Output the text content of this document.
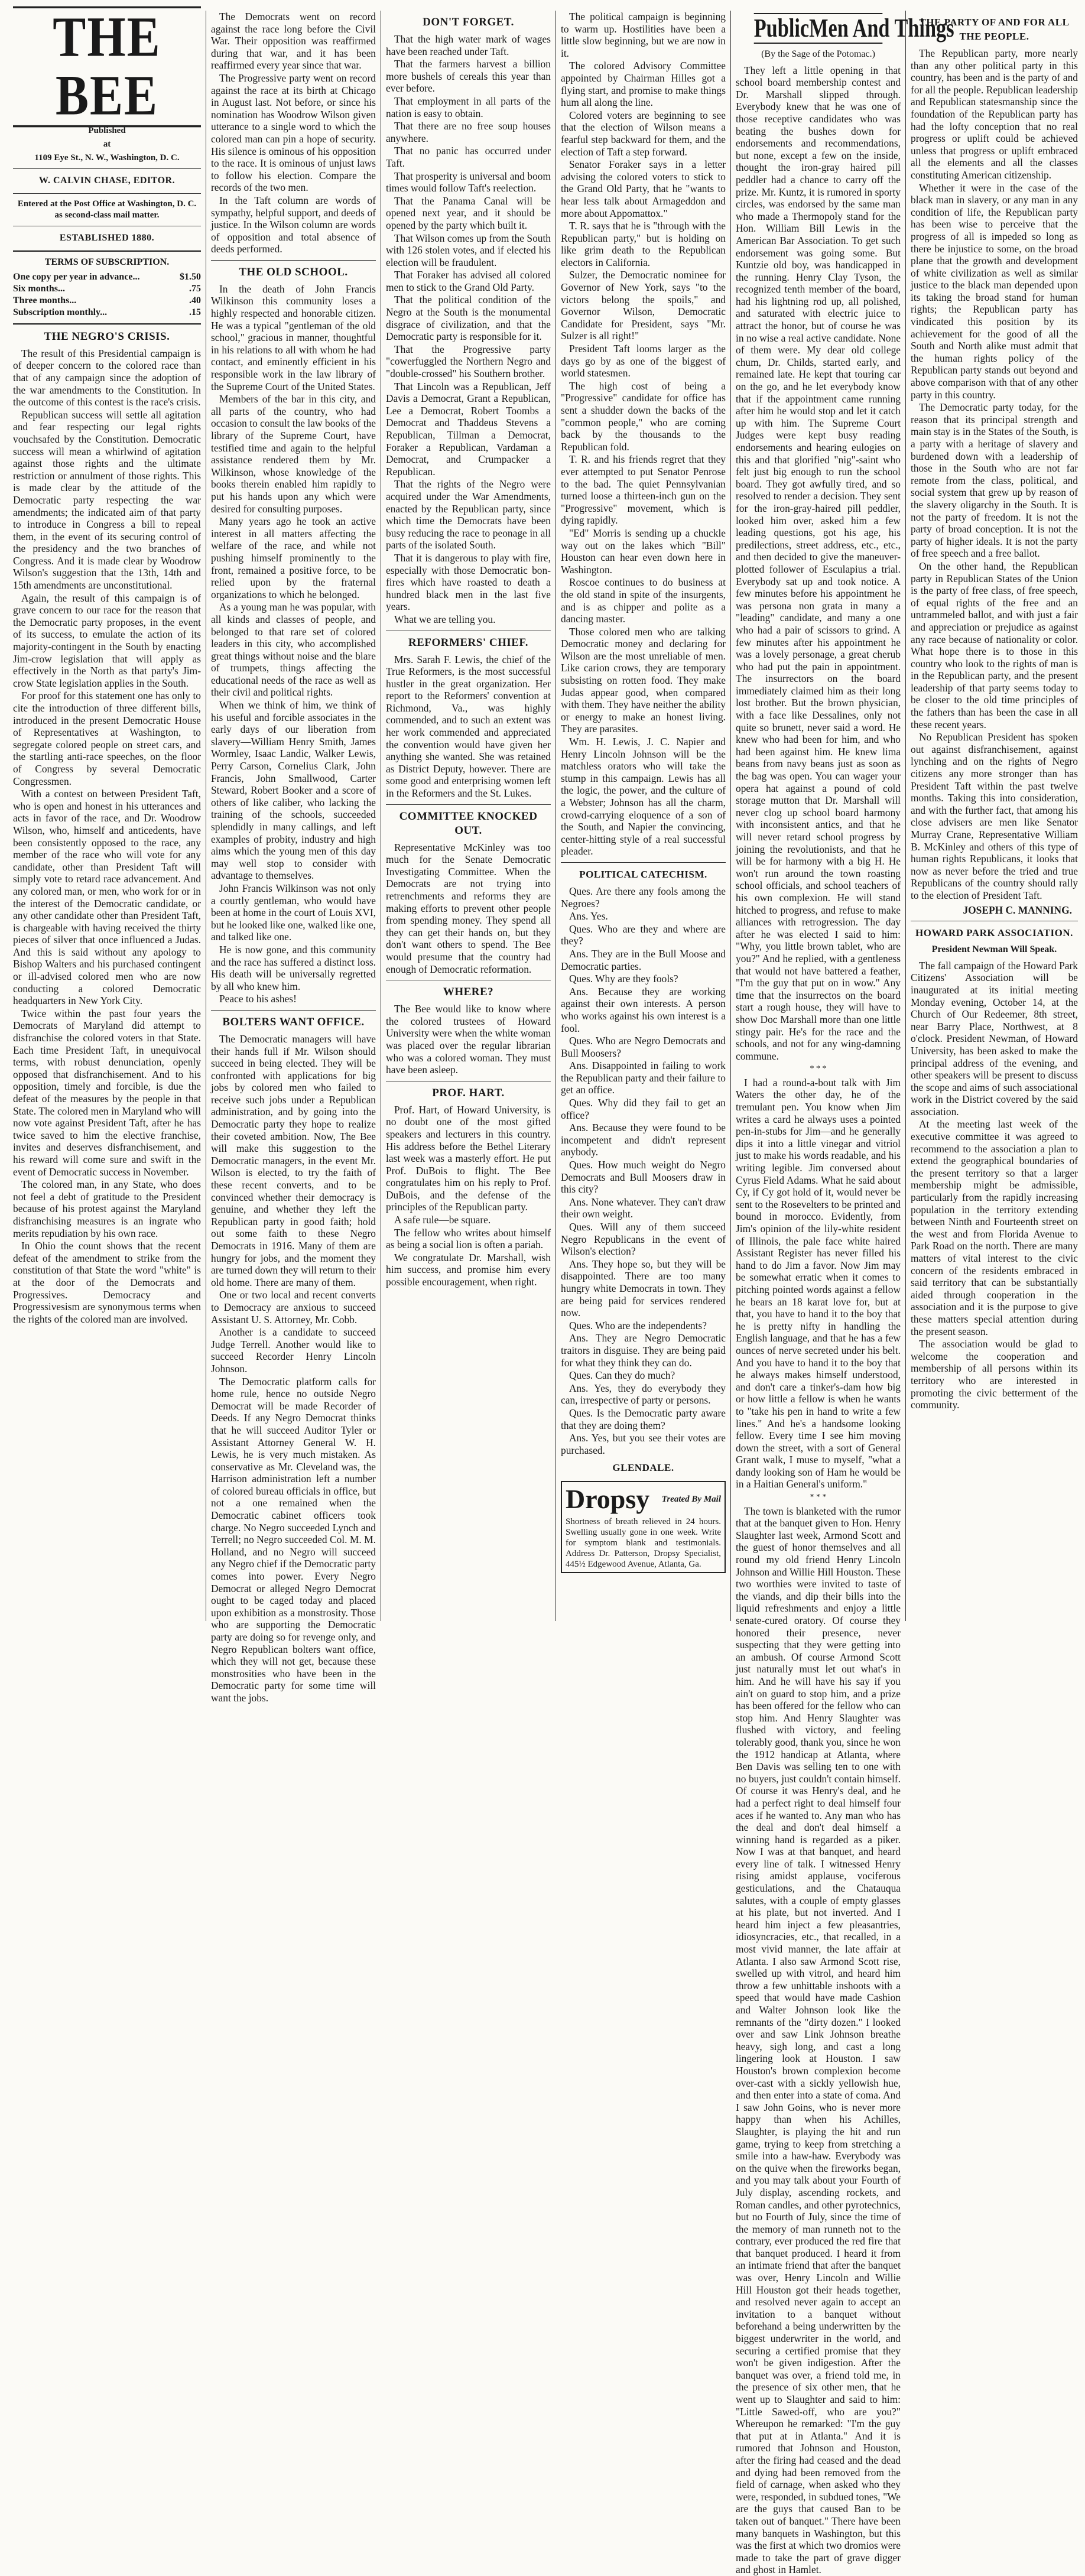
THE BEE
Published
at
1109 Eye St., N. W., Washington, D. C.
W. CALVIN CHASE, EDITOR.
Entered at the Post Office at Washington, D. C. as second-class mail matter.
ESTABLISHED 1880.
TERMS OF SUBSCRIPTION.
One copy per year in advance...	$1.50
Six months...	.75
Three months...	.40
Subscription monthly...	.15
THE NEGRO'S CRISIS.

The result of this Presidential campaign is of deeper concern to the colored race than that of any campaign since the adoption of the war amendments to the Constitution. In the outcome of this contest is the race's crisis.

Republican success will settle all agitation and fear respecting our legal rights vouchsafed by the Constitution. Democratic success will mean a whirlwind of agitation against those rights and the ultimate restriction or annulment of those rights. This is made clear by the attitude of the Democratic party respecting the war amendments; the indicated aim of that party to introduce in Congress a bill to repeal them, in the event of its securing control of the presidency and the two branches of Congress. And it is made clear by Woodrow Wilson's suggestion that the 13th, 14th and 15th amendments are unconstitutional.

Again, the result of this campaign is of grave concern to our race for the reason that the Democratic party proposes, in the event of its success, to emulate the action of its majority-contingent in the South by enacting Jim-crow legislation that will apply as effectively in the North as that party's Jim-crow State legislation applies in the South.

For proof for this statement one has only to cite the introduction of three different bills, introduced in the present Democratic House of Representatives at Washington, to segregate colored people on street cars, and the startling anti-race speeches, on the floor of Congress by several Democratic Congressmen.

With a contest on between President Taft, who is open and honest in his utterances and acts in favor of the race, and Dr. Woodrow Wilson, who, himself and anticedents, have been consistently opposed to the race, any member of the race who will vote for any candidate, other than President Taft will simply vote to retard race advancement. And any colored man, or men, who work for or in the interest of the Democratic candidate, or any other candidate other than President Taft, is chargeable with having received the thirty pieces of silver that once influenced a Judas. And this is said without any apology to Bishop Walters and his purchased contingent or ill-advised colored men who are now conducting a colored Democratic headquarters in New York City.

Twice within the past four years the Democrats of Maryland did attempt to disfranchise the colored voters in that State. Each time President Taft, in unequivocal terms, with robust denunciation, openly opposed that disfranchisement. And to his opposition, timely and forcible, is due the defeat of the measures by the people in that State. The colored men in Maryland who will now vote against President Taft, after he has twice saved to him the elective franchise, invites and deserves disfranchisement, and his reward will come sure and swift in the event of Democratic success in November.

The colored man, in any State, who does not feel a debt of gratitude to the President because of his protest against the Maryland disfranchising measures is an ingrate who merits repudiation by his own race.

In Ohio the count shows that the recent defeat of the amendment to strike from the constitution of that State the word "white" is at the door of the Democrats and Progressives. Democracy and Progressivesism are synonymous terms when the rights of the colored man are involved.

The Democrats went on record against the race long before the Civil War. Their opposition was reaffirmed during that war, and it has been reaffirmed every year since that war.

The Progressive party went on record against the race at its birth at Chicago in August last. Not before, or since his nomination has Woodrow Wilson given utterance to a single word to which the colored man can pin a hope of security. His silence is ominous of his opposition to the race. It is ominous of unjust laws to follow his election. Compare the records of the two men.

In the Taft column are words of sympathy, helpful support, and deeds of justice. In the Wilson column are words of opposition and total absence of deeds performed.

THE OLD SCHOOL.

In the death of John Francis Wilkinson this community loses a highly respected and honorable citizen. He was a typical "gentleman of the old school," gracious in manner, thoughtful in his relations to all with whom he had contact, and eminently efficient in his responsible work in the law library of the Supreme Court of the United States.

Members of the bar in this city, and all parts of the country, who had occasion to consult the law books of the library of the Supreme Court, have testified time and again to the helpful assistance rendered them by Mr. Wilkinson, whose knowledge of the books therein enabled him rapidly to put his hands upon any which were desired for consulting purposes.

Many years ago he took an active interest in all matters affecting the welfare of the race, and while not pushing himself prominently to the front, remained a positive force, to be relied upon by the fraternal organizations to which he belonged.

As a young man he was popular, with all kinds and classes of people, and belonged to that rare set of colored leaders in this city, who accomplished great things without noise and the blare of trumpets, things affecting the educational needs of the race as well as their civil and political rights.

When we think of him, we think of his useful and forcible associates in the early days of our liberation from slavery—William Henry Smith, James Wormley, Isaac Landic, Walker Lewis, Perry Carson, Cornelius Clark, John Francis, John Smallwood, Carter Steward, Robert Booker and a score of others of like caliber, who lacking the training of the schools, succeeded splendidly in many callings, and left examples of probity, industry and high aims which the young men of this day may well stop to consider with advantage to themselves.

John Francis Wilkinson was not only a courtly gentleman, who would have been at home in the court of Louis XVI, but he looked like one, walked like one, and talked like one.

He is now gone, and this community and the race has suffered a distinct loss. His death will be universally regretted by all who knew him.

Peace to his ashes!

BOLTERS WANT OFFICE.

The Democratic managers will have their hands full if Mr. Wilson should succeed in being elected. They will be confronted with applications for big jobs by colored men who failed to receive such jobs under a Republican administration, and by going into the Democratic party they hope to realize their coveted ambition. Now, The Bee will make this suggestion to the Democratic managers, in the event Mr. Wilson is elected, to try the faith of these recent converts, and to be convinced whether their democracy is genuine, and whether they left the Republican party in good faith; hold out some faith to these Negro Democrats in 1916. Many of them are hungry for jobs, and the moment they are turned down they will return to their old home. There are many of them.

One or two local and recent converts to Democracy are anxious to succeed Assistant U. S. Attorney, Mr. Cobb.

Another is a candidate to succeed Judge Terrell. Another would like to succeed Recorder Henry Lincoln Johnson.

The Democratic platform calls for home rule, hence no outside Negro Democrat will be made Recorder of Deeds. If any Negro Democrat thinks that he will succeed Auditor Tyler or Assistant Attorney General W. H. Lewis, he is very much mistaken. As conservative as Mr. Cleveland was, the Harrison administration left a number of colored bureau officials in office, but not a one remained when the Democratic cabinet officers took charge. No Negro succeeded Lynch and Terrell; no Negro succeeded Col. M. M. Holland, and no Negro will succeed any Negro chief if the Democratic party comes into power. Every Negro Democrat or alleged Negro Democrat ought to be caged today and placed upon exhibition as a monstrosity. Those who are supporting the Democratic party are doing so for revenge only, and Negro Republican bolters want office, which they will not get, because these monstrosities who have been in the Democratic party for some time will want the jobs.

DON'T FORGET.

That the high water mark of wages have been reached under Taft.

That the farmers harvest a billion more bushels of cereals this year than ever before.

That employment in all parts of the nation is easy to obtain.

That there are no free soup houses anywhere.

That no panic has occurred under Taft.

That prosperity is universal and boom times would follow Taft's reelection.

That the Panama Canal will be opened next year, and it should be opened by the party which built it.

That Wilson comes up from the South with 126 stolen votes, and if elected his election will be fraudulent.

That Foraker has advised all colored men to stick to the Grand Old Party.

That the political condition of the Negro at the South is the monumental disgrace of civilization, and that the Democratic party is responsible for it.

That the Progressive party "cowerfuggled the Northern Negro and "double-crossed" his Southern brother.

That Lincoln was a Republican, Jeff Davis a Democrat, Grant a Republican, Lee a Democrat, Robert Toombs a Democrat and Thaddeus Stevens a Republican, Tillman a Democrat, Foraker a Republican, Vardaman a Democrat, and Crumpacker a Republican.

That the rights of the Negro were acquired under the War Amendments, enacted by the Republican party, since which time the Democrats have been busy reducing the race to peonage in all parts of the isolated South.

That it is dangerous to play with fire, especially with those Democratic bon-fires which have roasted to death a hundred black men in the last five years.

What we are telling you.

REFORMERS' CHIEF.

Mrs. Sarah F. Lewis, the chief of the True Reformers, is the most successful hustler in the great organization. Her report to the Reformers' convention at Richmond, Va., was highly commended, and to such an extent was her work commended and appreciated the convention would have given her anything she wanted. She was retained as District Deputy, however. There are some good and enterprising women left in the Reformers and the St. Lukes.

COMMITTEE KNOCKED OUT.

Representative McKinley was too much for the Senate Democratic Investigating Committee. When the Democrats are not trying into retrenchments and reforms they are making efforts to prevent other people from spending money. They spend all they can get their hands on, but they don't want others to spend. The Bee would presume that the country had enough of Democratic reformation.

WHERE?

The Bee would like to know where the colored trustees of Howard University were when the white woman was placed over the regular librarian who was a colored woman. They must have been asleep.

PROF. HART.

Prof. Hart, of Howard University, is no doubt one of the most gifted speakers and lecturers in this country. His address before the Bethel Literary last week was a masterly effort. He put Prof. DuBois to flight. The Bee congratulates him on his reply to Prof. DuBois, and the defense of the principles of the Republican party.

A safe rule—be square.

The fellow who writes about himself as being a social lion is often a pariah.

We congratulate Dr. Marshall, wish him success, and promise him every possible encouragement, when right.

The political campaign is beginning to warm up. Hostilities have been a little slow beginning, but we are now in it.

The colored Advisory Committee appointed by Chairman Hilles got a flying start, and promise to make things hum all along the line.

Colored voters are beginning to see that the election of Wilson means a fearful step backward for them, and the election of Taft a step forward.

Senator Foraker says in a letter advising the colored voters to stick to the Grand Old Party, that he "wants to hear less talk about Armageddon and more about Appomattox."

T. R. says that he is "through with the Republican party," but is holding on like grim death to the Republican electors in California.

Sulzer, the Democratic nominee for Governor of New York, says "to the victors belong the spoils," and Governor Wilson, Democratic Candidate for President, says "Mr. Sulzer is all right!"

President Taft looms larger as the days go by as one of the biggest of world statesmen.

The high cost of being a "Progressive" candidate for office has sent a shudder down the backs of the "common people," who are coming back by the thousands to the Republican fold.

T. R. and his friends regret that they ever attempted to put Senator Penrose to the bad. The quiet Pennsylvanian turned loose a thirteen-inch gun on the "Progressive" movement, which is dying rapidly.

"Ed" Morris is sending up a chuckle way out on the lakes which "Bill" Houston can hear even down here in Washington.

Roscoe continues to do business at the old stand in spite of the insurgents, and is as chipper and polite as a dancing master.

Those colored men who are talking Democratic money and declaring for Wilson are the most unreliable of men. Like carion crows, they are temporary subsisting on rotten food. They make Judas appear good, when compared with them. They have neither the ability or energy to make an honest living. They are parasites.

Wm. H. Lewis, J. C. Napier and Henry Lincoln Johnson will be the matchless orators who will take the stump in this campaign. Lewis has all the logic, the power, and the culture of a Webster; Johnson has all the charm, crowd-carrying eloquence of a son of the South, and Napier the convincing, center-hitting style of a real successful pleader.

POLITICAL CATECHISM.

Ques. Are there any fools among the Negroes?

Ans. Yes.

Ques. Who are they and where are they?

Ans. They are in the Bull Moose and Democratic parties.

Ques. Why are they fools?

Ans. Because they are working against their own interests. A person who works against his own interest is a fool.

Ques. Who are Negro Democrats and Bull Moosers?

Ans. Disappointed in failing to work the Republican party and their failure to get an office.

Ques. Why did they fail to get an office?

Ans. Because they were found to be incompetent and didn't represent anybody.

Ques. How much weight do Negro Democrats and Bull Moosers draw in this city?

Ans. None whatever. They can't draw their own weight.

Ques. Will any of them succeed Negro Republicans in the event of Wilson's election?

Ans. They hope so, but they will be disappointed. There are too many hungry white Democrats in town. They are being paid for services rendered now.

Ques. Who are the independents?

Ans. They are Negro Democratic traitors in disguise. They are being paid for what they think they can do.

Ques. Can they do much?

Ans. Yes, they do everybody they can, irrespective of party or persons.

Ques. Is the Democratic party aware that they are doing them?

Ans. Yes, but you see their votes are purchased.

GLENDALE.
Dropsy Treated By Mail
Shortness of breath relieved in 24 hours. Swelling usually gone in one week. Write for symptom blank and testimonials. Address Dr. Patterson, Dropsy Specialist, 445½ Edgewood Avenue, Atlanta, Ga.
PublicMen And Things
(By the Sage of the Potomac.)

They left a little opening in that school board membership contest and Dr. Marshall slipped through. Everybody knew that he was one of those receptive candidates who was beating the bushes down for endorsements and recommendations, but none, except a few on the inside, thought the iron-gray haired pill peddler had a chance to carry off the prize. Mr. Kuntz, it is rumored in sporty circles, was endorsed by the same man who made a Thermopoly stand for the Hon. William Bill Lewis in the American Bar Association. To get such endorsement was going some. But Kuntzie old boy, was handicapped in the running. Henry Clay Tyson, the recognized tenth member of the board, had his lightning rod up, all polished, and saturated with electric juice to attract the honor, but of course he was in no wise a real active candidate. None of them were. My dear old college chum, Dr. Childs, started early, and remained late. He kept that touring car on the go, and he let everybody know that if the appointment came running after him he would stop and let it catch up with him. The Supreme Court Judges were kept busy reading endorsements and hearing eulogies on this and that glorified "nig"-saint who felt just big enough to run the school board. They got awfully tired, and so resolved to render a decision. They sent for the iron-gray-haired pill peddler, looked him over, asked him a few leading questions, got his age, his predilections, street address, etc., etc., and then decided to give the maneuver-plotted follower of Esculapius a trial. Everybody sat up and took notice. A few minutes before his appointment he was persona non grata in many a "leading" candidate, and many a one who had a pair of scissors to grind. A few minutes after his appointment he was a lovely personage, a great cherub who had put the pain in appointment. The insurrectors on the board immediately claimed him as their long lost brother. But the brown physician, with a face like Dessalines, only not quite so brunett, never said a word. He knew who had been for him, and who had been against him. He knew lima beans from navy beans just as soon as the bag was open. You can wager your opera hat against a pound of cold storage mutton that Dr. Marshall will never clog up school board harmony with inconsistent antics, and that he will never retard school progress by joining the revolutionists, and that he will be for harmony with a big H. He won't run around the town roasting school officials, and school teachers of his own complexion. He will stand hitched to progress, and refuse to make alliances with retrogression. The day after he was elected I said to him: "Why, you little brown tablet, who are you?" And he replied, with a gentleness that would not have battered a feather, "I'm the guy that put on in wow." Any time that the insurrectos on the board start a rough house, they will have to show Doc Marshall more than one little stingy pair. He's for the race and the schools, and not for any wing-damning commune.

* * *

I had a round-a-bout talk with Jim Waters the other day, he of the tremulant pen. You know when Jim writes a card he always uses a pointed pen-in-stubs for Jim—and he generally dips it into a little vinegar and vitriol just to make his words readable, and his writing legible. Jim conversed about Cyrus Field Adams. What he said about Cy, if Cy got hold of it, would never be sent to the Rosevelters to be printed and bound in morocco. Evidently, from Jim's opinion of the lily-white resident of Illinois, the pale face white haired Assistant Register has never filled his hand to do Jim a favor. Now Jim may be somewhat erratic when it comes to pitching pointed words against a fellow he bears an 18 karat love for, but at that, you have to hand it to the boy that he is pretty nifty in handling the English language, and that he has a few ounces of nerve secreted under his belt. And you have to hand it to the boy that he always makes himself understood, and don't care a tinker's-dam how big or how little a fellow is when he wants to "take his pen in hand to write a few lines." And he's a handsome looking fellow. Every time I see him moving down the street, with a sort of General Grant walk, I muse to myself, "what a dandy looking son of Ham he would be in a Haitian General's uniform."

* * *

The town is blanketed with the rumor that at the banquet given to Hon. Henry Slaughter last week, Armond Scott and the guest of honor themselves and all round my old friend Henry Lincoln Johnson and Willie Hill Houston. These two worthies were invited to taste of the viands, and dip their bills into the liquid refreshments and enjoy a little senate-cured oratory. Of course they honored their presence, never suspecting that they were getting into an ambush. Of course Armond Scott just naturally must let out what's in him. And he will have his say if you ain't on guard to stop him, and a prize has been offered for the fellow who can stop him. And Henry Slaughter was flushed with victory, and feeling tolerably good, thank you, since he won the 1912 handicap at Atlanta, where Ben Davis was selling ten to one with no buyers, just couldn't contain himself. Of course it was Henry's deal, and he had a perfect right to deal himself four aces if he wanted to. Any man who has the deal and don't deal himself a winning hand is regarded as a piker. Now I was at that banquet, and heard every line of talk. I witnessed Henry rising amidst applause, vociferous gesticulations, and the Chatauqua salutes, with a couple of empty glasses at his plate, but not inverted. And I heard him inject a few pleasantries, idiosyncracies, etc., that recalled, in a most vivid manner, the late affair at Atlanta. I also saw Armond Scott rise, swelled up with vitrol, and heard him throw a few unhittable inshoots with a speed that would have made Cashion and Walter Johnson look like the remnants of the "dirty dozen." I looked over and saw Link Johnson breathe heavy, sigh long, and cast a long lingering look at Houston. I saw Houston's brown complexion become over-cast with a sickly yellowish hue, and then enter into a state of coma. And I saw John Goins, who is never more happy than when his Achilles, Slaughter, is playing the hit and run game, trying to keep from stretching a smile into a haw-haw. Everybody was on the quive when the fireworks began, and you may talk about your Fourth of July display, ascending rockets, and Roman candles, and other pyrotechnics, but no Fourth of July, since the time of the memory of man runneth not to the contrary, ever produced the red fire that that banquet produced. I heard it from an intimate friend that after the banquet was over, Henry Lincoln and Willie Hill Houston got their heads together, and resolved never again to accept an invitation to a banquet without beforehand a being underwritten by the biggest underwriter in the world, and securing a certified promise that they won't be given indigestion. After the banquet was over, a friend told me, in the presence of six other men, that he went up to Slaughter and said to him: "Little Sawed-off, who are you?" Whereupon he remarked: "I'm the guy that put at in Atlanta." And it is rumored that Johnson and Houston, after the firing had ceased and the dead and dying had been removed from the field of carnage, when asked who they were, responded, in subdued tones, "We are the guys that caused Ban to be taken out of banquet." There have been many banquets in Washington, but this was the first at which two dromios were made to take the part of grave digger and ghost in Hamlet.

THE PARTY OF AND FOR ALL THE PEOPLE.

The Republican party, more nearly than any other political party in this country, has been and is the party of and for all the people. Republican leadership and Republican statesmanship since the foundation of the Republican party has had the lofty conception that no real progress or uplift could be achieved unless that progress or uplift embraced all the elements and all the classes constituting American citizenship.

Whether it were in the case of the black man in slavery, or any man in any condition of life, the Republican party has been wise to perceive that the progress of all is impeded so long as there be injustice to some, on the broad plane that the growth and development of white civilization as well as similar justice to the black man depended upon its taking the broad stand for human rights; the Republican party has vindicated this position by its achievement for the good of all the South and North alike must admit that the human rights policy of the Republican party stands out beyond and above comparison with that of any other party in this country.

The Democratic party today, for the reason that its principal strength and main stay is in the States of the South, is a party with a heritage of slavery and burdened down with a leadership of those in the South who are not far remote from the class, political, and social system that grew up by reason of the slavery oligarchy in the South. It is not the party of freedom. It is not the party of broad conception. It is not the party of higher ideals. It is not the party of free speech and a free ballot.

On the other hand, the Republican party in Republican States of the Union is the party of free class, of free speech, of equal rights of the free and an untrammeled ballot, and with just a fair and appreciation or prejudice as against any race because of nationality or color. What hope there is to those in this country who look to the rights of man is in the Republican party, and the present leadership of that party seems today to be closer to the old time principles of the fathers than has been the case in all these recent years.

No Republican President has spoken out against disfranchisement, against lynching and on the rights of Negro citizens any more stronger than has President Taft within the past twelve months. Taking this into consideration, and with the further fact, that among his close advisers are men like Senator Murray Crane, Representative William B. McKinley and others of this type of human rights Republicans, it looks that now as never before the tried and true Republicans of the country should rally to the election of President Taft.

JOSEPH C. MANNING.
HOWARD PARK ASSOCIATION.
President Newman Will Speak.

The fall campaign of the Howard Park Citizens' Association will be inaugurated at its initial meeting Monday evening, October 14, at the Church of Our Redeemer, 8th street, near Barry Place, Northwest, at 8 o'clock. President Newman, of Howard University, has been asked to make the principal address of the evening, and other speakers will be present to discuss the scope and aims of such associational work in the District covered by the said association.

At the meeting last week of the executive committee it was agreed to recommend to the association a plan to extend the geographical boundaries of the present territory so that a larger membership might be admissible, particularly from the rapidly increasing population in the territory extending between Ninth and Fourteenth street on the west and from Florida Avenue to Park Road on the north. There are many matters of vital interest to the civic concern of the residents embraced in said territory that can be substantially aided through cooperation in the association and it is the purpose to give these matters special attention during the present season.

The association would be glad to welcome the cooperation and membership of all persons within its territory who are interested in promoting the civic betterment of the community.
